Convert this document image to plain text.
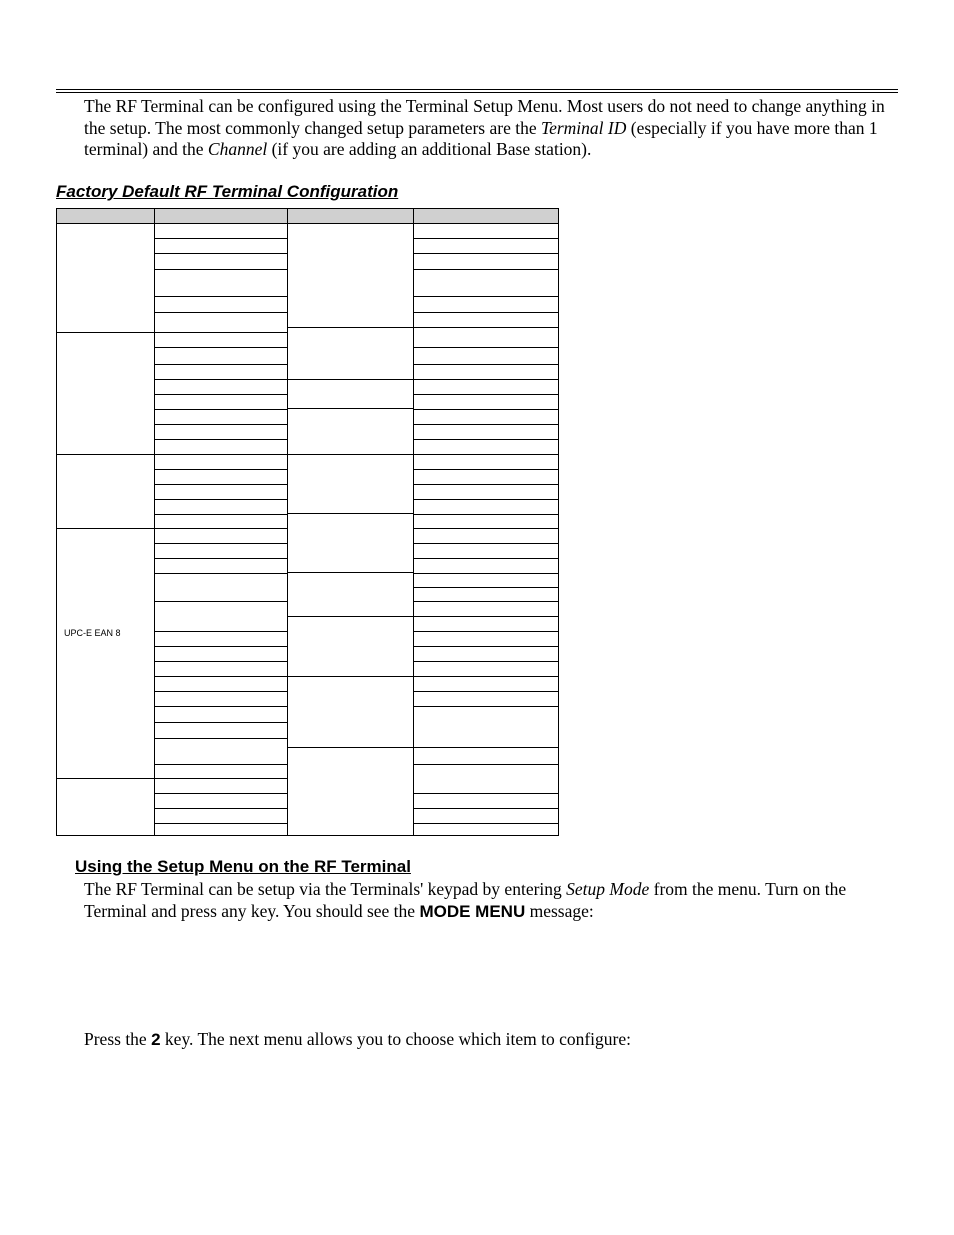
The RF Terminal can be configured using the Terminal Setup Menu. Most users do not need to change anything in the setup. The most commonly changed setup parameters are the Terminal ID (especially if you have more than 1 terminal) and the Channel (if you are adding an additional Base station).

Factory Default RF Terminal Configuration
UPC-E EAN 8
Using the Setup Menu on the RF Terminal

The RF Terminal can be setup via the Terminals' keypad by entering Setup Mode from the menu. Turn on the Terminal and press any key. You should see the MODE MENU message:

Press the 2 key. The next menu allows you to choose which item to configure:
